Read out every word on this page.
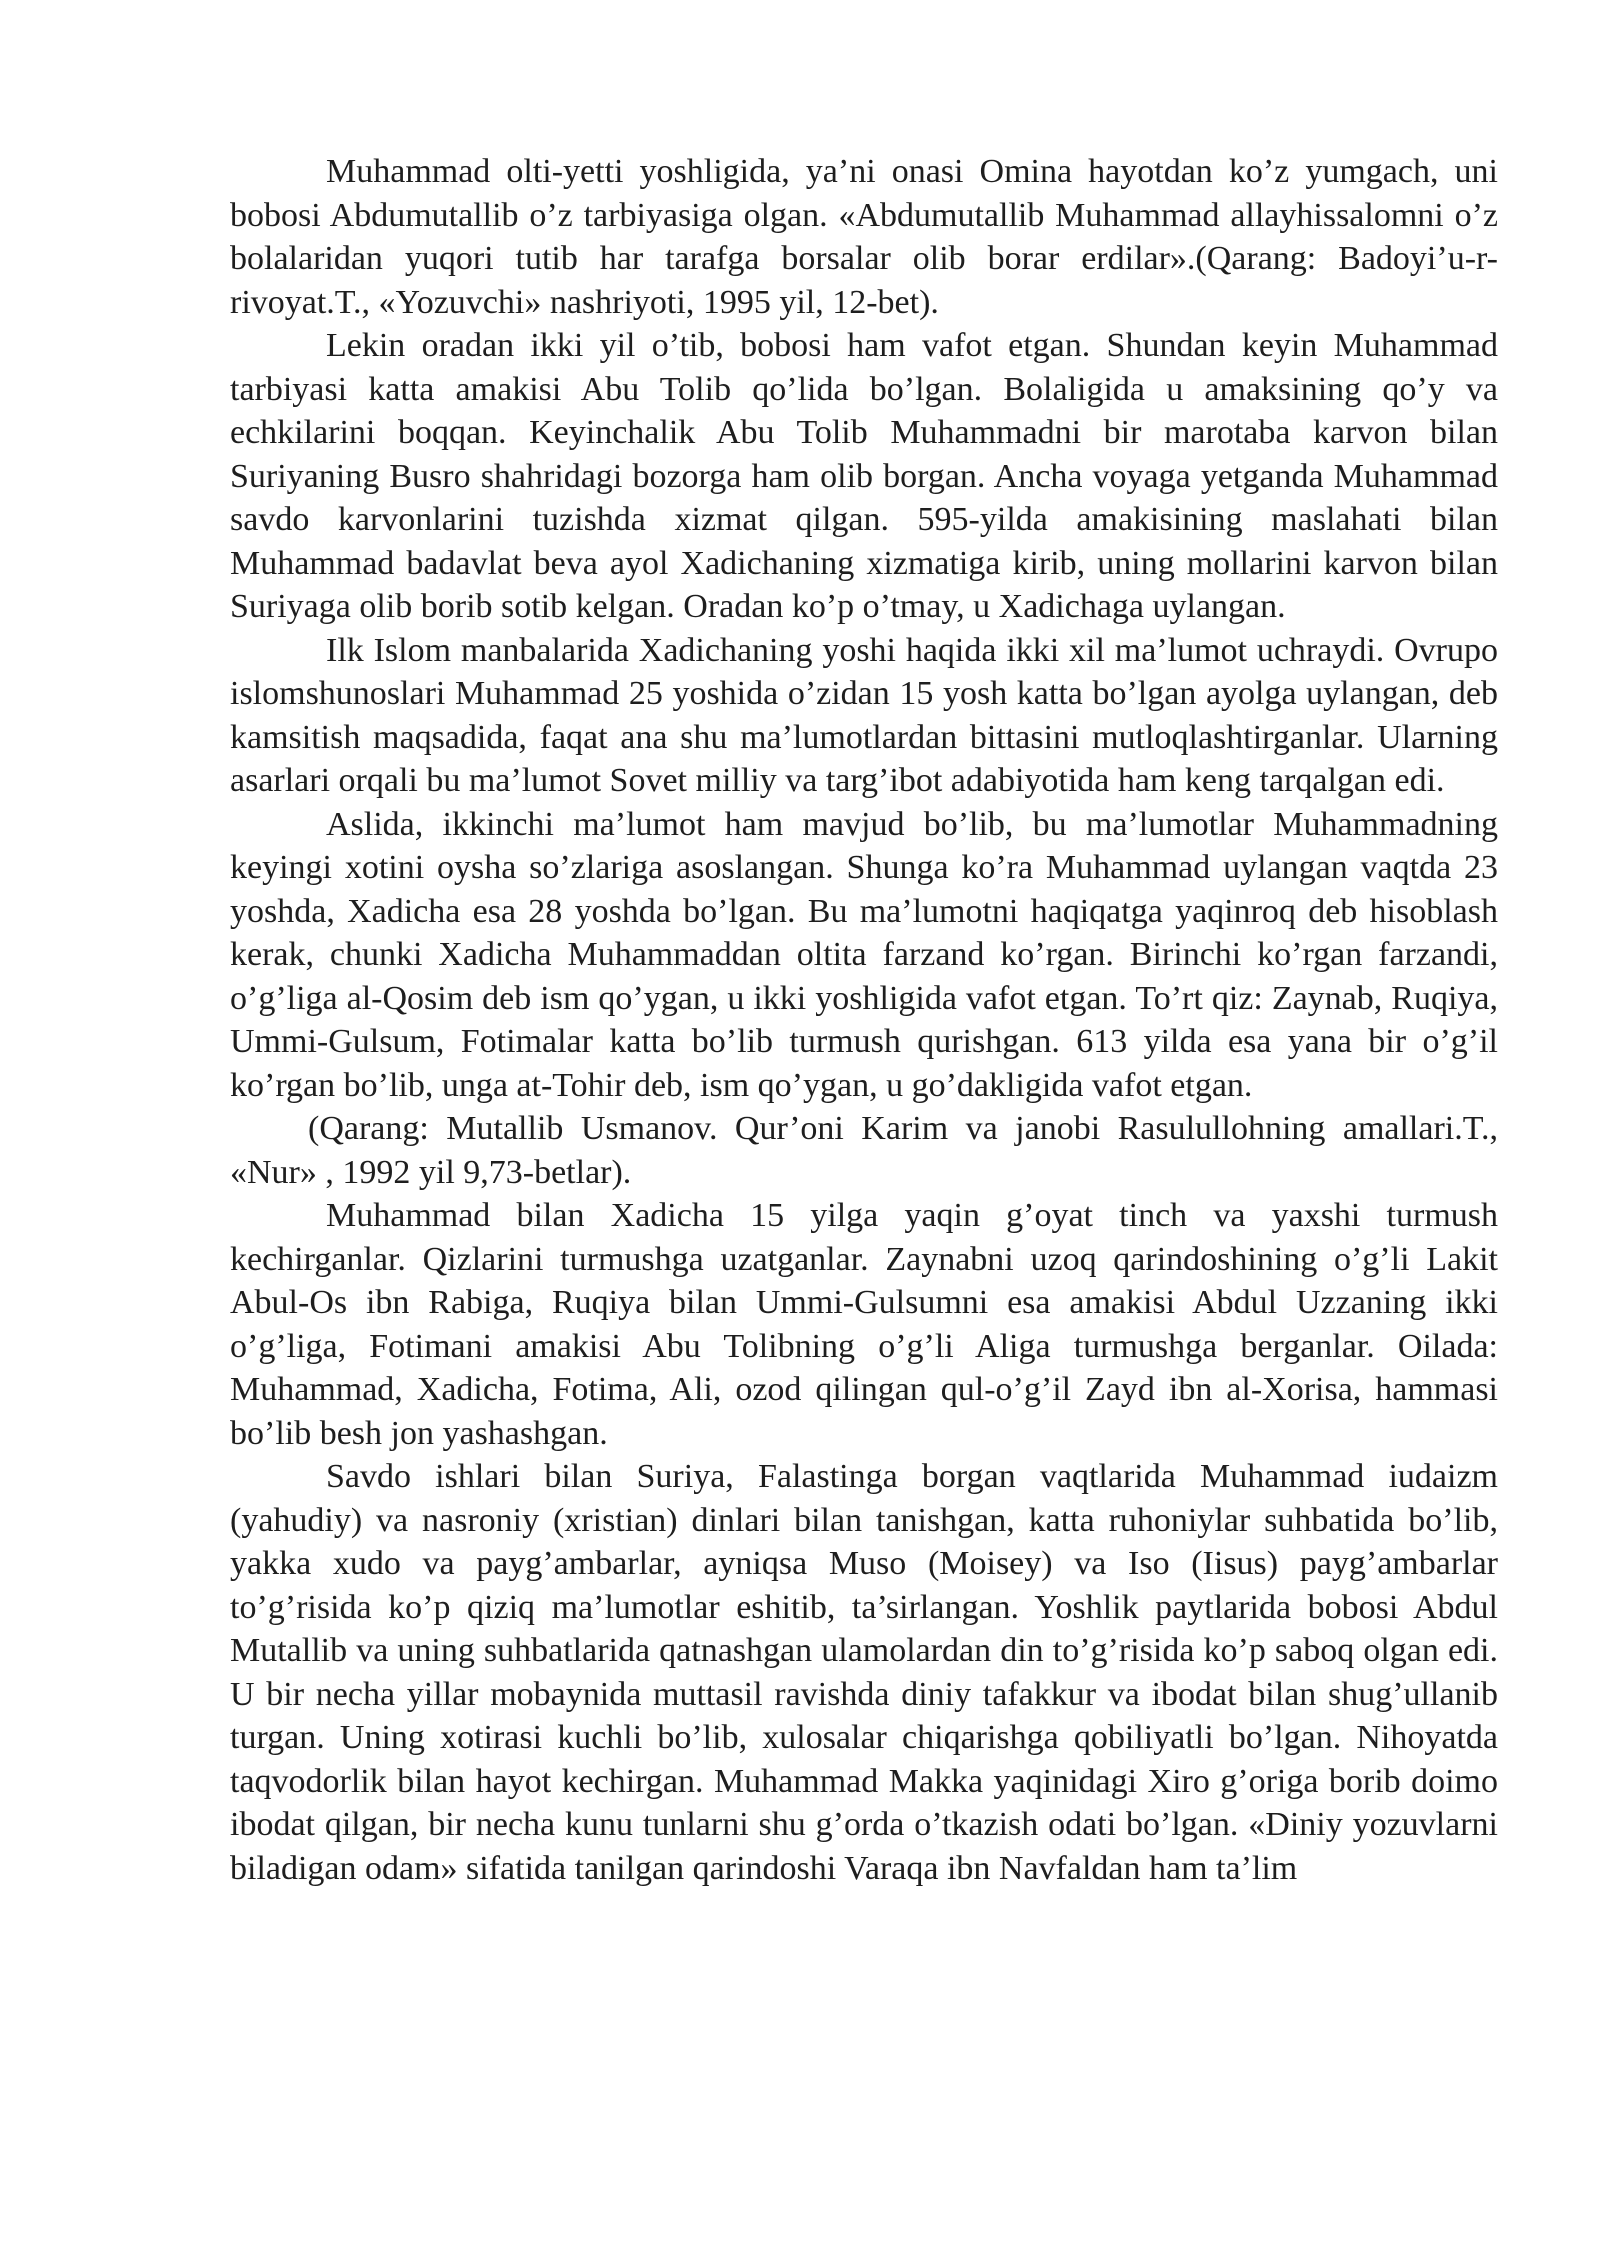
Muhammad olti-yetti yoshligida, ya’ni onasi Omina hayotdan ko’z yumgach, uni bobosi Abdumutallib o’z tarbiyasiga olgan. «Abdumutallib Muhammad allayhissalomni o’z bolalaridan yuqori tutib har tarafga borsalar olib borar erdilar».(Qarang: Badoyi’u-r-rivoyat.T., «Yozuvchi» nashriyoti, 1995 yil, 12-bet).

Lekin oradan ikki yil o’tib, bobosi ham vafot etgan. Shundan keyin Muhammad tarbiyasi katta amakisi Abu Tolib qo’lida bo’lgan. Bolaligida u amaksining qo’y va echkilarini boqqan. Keyinchalik Abu Tolib Muhammadni bir marotaba karvon bilan Suriyaning Busro shahridagi bozorga ham olib borgan. Ancha voyaga yetganda Muhammad savdo karvonlarini tuzishda xizmat qilgan. 595-yilda amakisining maslahati bilan Muhammad badavlat beva ayol Xadichaning xizmatiga kirib, uning mollarini karvon bilan Suriyaga olib borib sotib kelgan. Oradan ko’p o’tmay, u Xadichaga uylangan.

Ilk Islom manbalarida Xadichaning yoshi haqida ikki xil ma’lumot uchraydi. Ovrupo islomshunoslari Muhammad 25 yoshida o’zidan 15 yosh katta bo’lgan ayolga uylangan, deb kamsitish maqsadida, faqat ana shu ma’lumotlardan bittasini mutloqlashtirganlar. Ularning asarlari orqali bu ma’lumot Sovet milliy va targ’ibot adabiyotida ham keng tarqalgan edi.

Aslida, ikkinchi ma’lumot ham mavjud bo’lib, bu ma’lumotlar Muhammadning keyingi xotini oysha so’zlariga asoslangan. Shunga ko’ra Muhammad uylangan vaqtda 23 yoshda, Xadicha esa 28 yoshda bo’lgan. Bu ma’lumotni haqiqatga yaqinroq deb hisoblash kerak, chunki Xadicha Muhammaddan oltita farzand ko’rgan. Birinchi ko’rgan farzandi, o’g’liga al-Qosim deb ism qo’ygan, u ikki yoshligida vafot etgan. To’rt qiz: Zaynab, Ruqiya, Ummi-Gulsum, Fotimalar katta bo’lib turmush qurishgan. 613 yilda esa yana bir o’g’il ko’rgan bo’lib, unga at-Tohir deb, ism qo’ygan, u go’dakligida vafot etgan.

(Qarang: Mutallib Usmanov. Qur’oni Karim va janobi Rasulullohning amallari.T., «Nur» , 1992 yil 9,73-betlar).

Muhammad bilan Xadicha 15 yilga yaqin g’oyat tinch va yaxshi turmush kechirganlar. Qizlarini turmushga uzatganlar. Zaynabni uzoq qarindoshining o’g’li Lakit Abul-Os ibn Rabiga, Ruqiya bilan Ummi-Gulsumni esa amakisi Abdul Uzzaning ikki o’g’liga, Fotimani amakisi Abu Tolibning o’g’li Aliga turmushga berganlar. Oilada: Muhammad, Xadicha, Fotima, Ali, ozod qilingan qul-o’g’il Zayd ibn al-Xorisa, hammasi bo’lib besh jon yashashgan.

Savdo ishlari bilan Suriya, Falastinga borgan vaqtlarida Muhammad iudaizm (yahudiy) va nasroniy (xristian) dinlari bilan tanishgan, katta ruhoniylar suhbatida bo’lib, yakka xudo va payg’ambarlar, ayniqsa Muso (Moisey) va Iso (Iisus) payg’ambarlar to’g’risida ko’p qiziq ma’lumotlar eshitib, ta’sirlangan. Yoshlik paytlarida bobosi Abdul Mutallib va uning suhbatlarida qatnashgan ulamolardan din to’g’risida ko’p saboq olgan edi. U bir necha yillar mobaynida muttasil ravishda diniy tafakkur va ibodat bilan shug’ullanib turgan. Uning xotirasi kuchli bo’lib, xulosalar chiqarishga qobiliyatli bo’lgan. Nihoyatda taqvodorlik bilan hayot kechirgan. Muhammad Makka yaqinidagi Xiro g’origa borib doimo ibodat qilgan, bir necha kunu tunlarni shu g’orda o’tkazish odati bo’lgan. «Diniy yozuvlarni biladigan odam» sifatida tanilgan qarindoshi Varaqa ibn Navfaldan ham ta’lim
